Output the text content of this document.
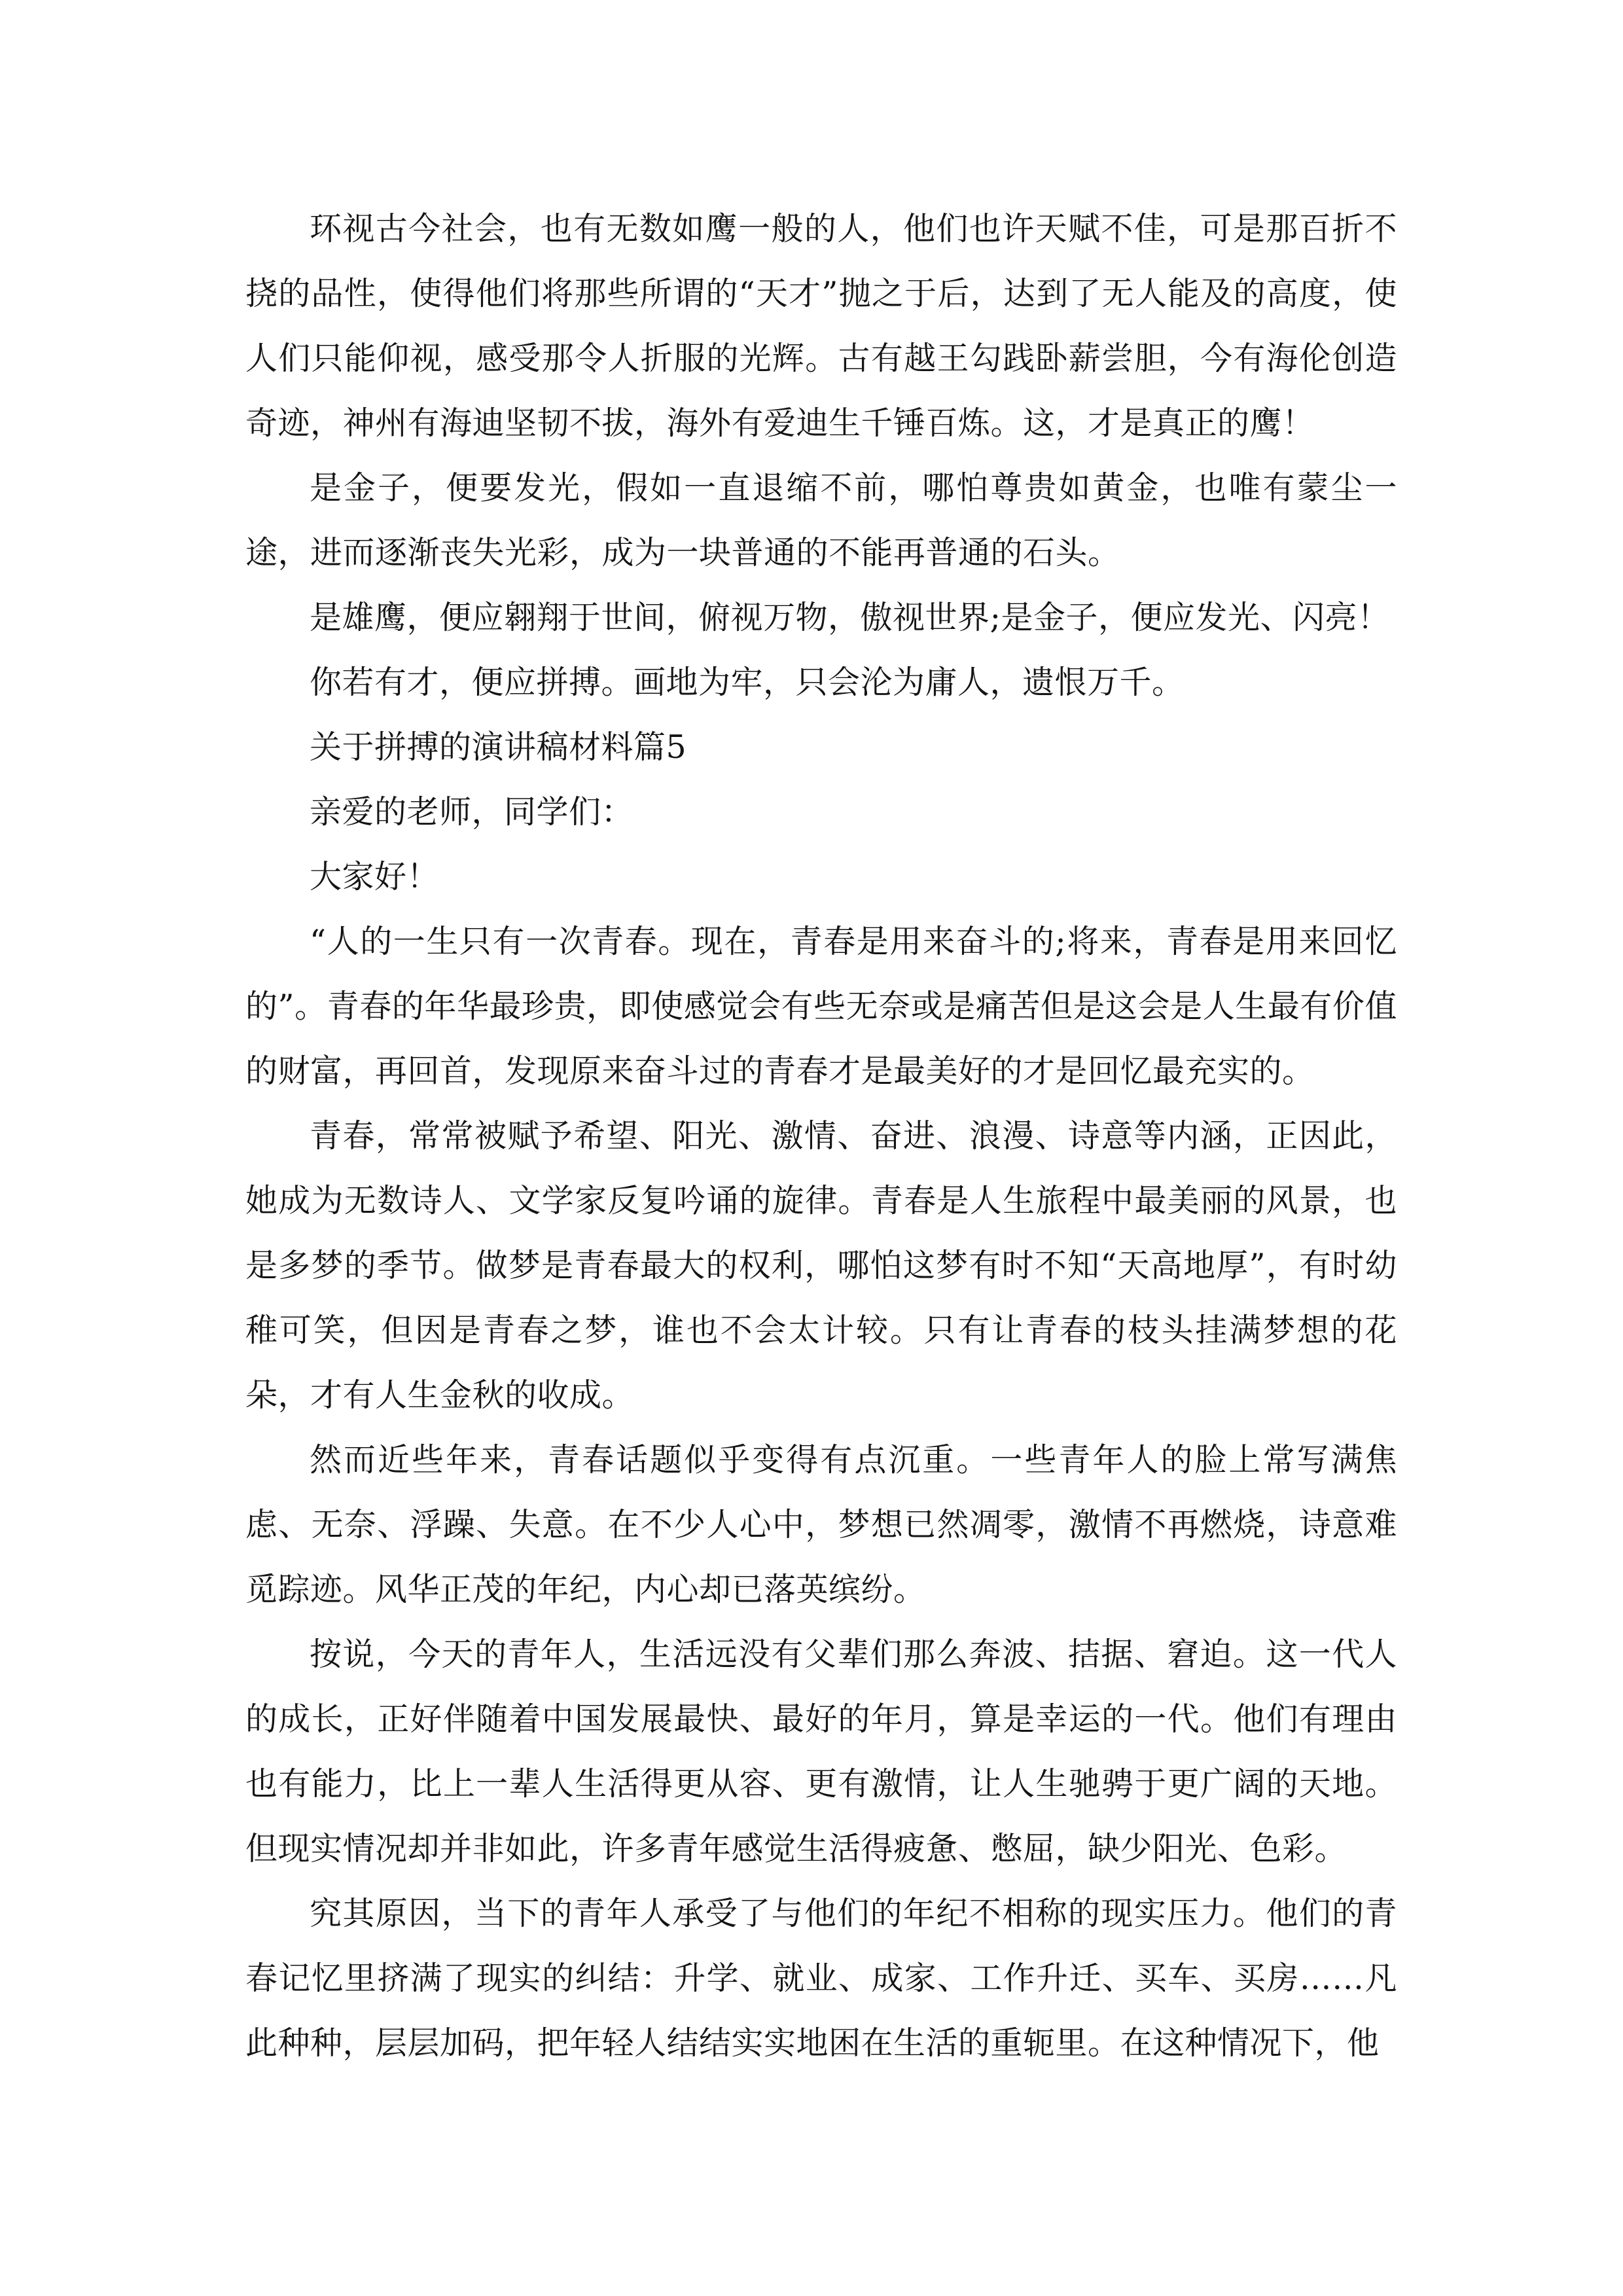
环视古今社会，也有无数如鹰一般的人，他们也许天赋不佳，可是那百折不挠的品性，使得他们将那些所谓的“天才”抛之于后，达到了无人能及的高度，使人们只能仰视，感受那令人折服的光辉。古有越王勾践卧薪尝胆，今有海伦创造奇迹，神州有海迪坚韧不拔，海外有爱迪生千锤百炼。这，才是真正的鹰！

是金子，便要发光，假如一直退缩不前，哪怕尊贵如黄金，也唯有蒙尘一途，进而逐渐丧失光彩，成为一块普通的不能再普通的石头。

是雄鹰，便应翱翔于世间，俯视万物，傲视世界;是金子，便应发光、闪亮！

你若有才，便应拼搏。画地为牢，只会沦为庸人，遗恨万千。

关于拼搏的演讲稿材料篇5

亲爱的老师，同学们：

大家好！

“人的一生只有一次青春。现在，青春是用来奋斗的;将来，青春是用来回忆的”。青春的年华最珍贵，即使感觉会有些无奈或是痛苦但是这会是人生最有价值的财富，再回首，发现原来奋斗过的青春才是最美好的才是回忆最充实的。

青春，常常被赋予希望、阳光、激情、奋进、浪漫、诗意等内涵，正因此，她成为无数诗人、文学家反复吟诵的旋律。青春是人生旅程中最美丽的风景，也是多梦的季节。做梦是青春最大的权利，哪怕这梦有时不知“天高地厚”，有时幼稚可笑，但因是青春之梦，谁也不会太计较。只有让青春的枝头挂满梦想的花朵，才有人生金秋的收成。

然而近些年来，青春话题似乎变得有点沉重。一些青年人的脸上常写满焦虑、无奈、浮躁、失意。在不少人心中，梦想已然凋零，激情不再燃烧，诗意难觅踪迹。风华正茂的年纪，内心却已落英缤纷。

按说，今天的青年人，生活远没有父辈们那么奔波、拮据、窘迫。这一代人的成长，正好伴随着中国发展最快、最好的年月，算是幸运的一代。他们有理由也有能力，比上一辈人生活得更从容、更有激情，让人生驰骋于更广阔的天地。但现实情况却并非如此，许多青年感觉生活得疲惫、憋屈，缺少阳光、色彩。

究其原因，当下的青年人承受了与他们的年纪不相称的现实压力。他们的青春记忆里挤满了现实的纠结：升学、就业、成家、工作升迁、买车、买房……凡此种种，层层加码，把年轻人结结实实地困在生活的重轭里。在这种情况下，他
